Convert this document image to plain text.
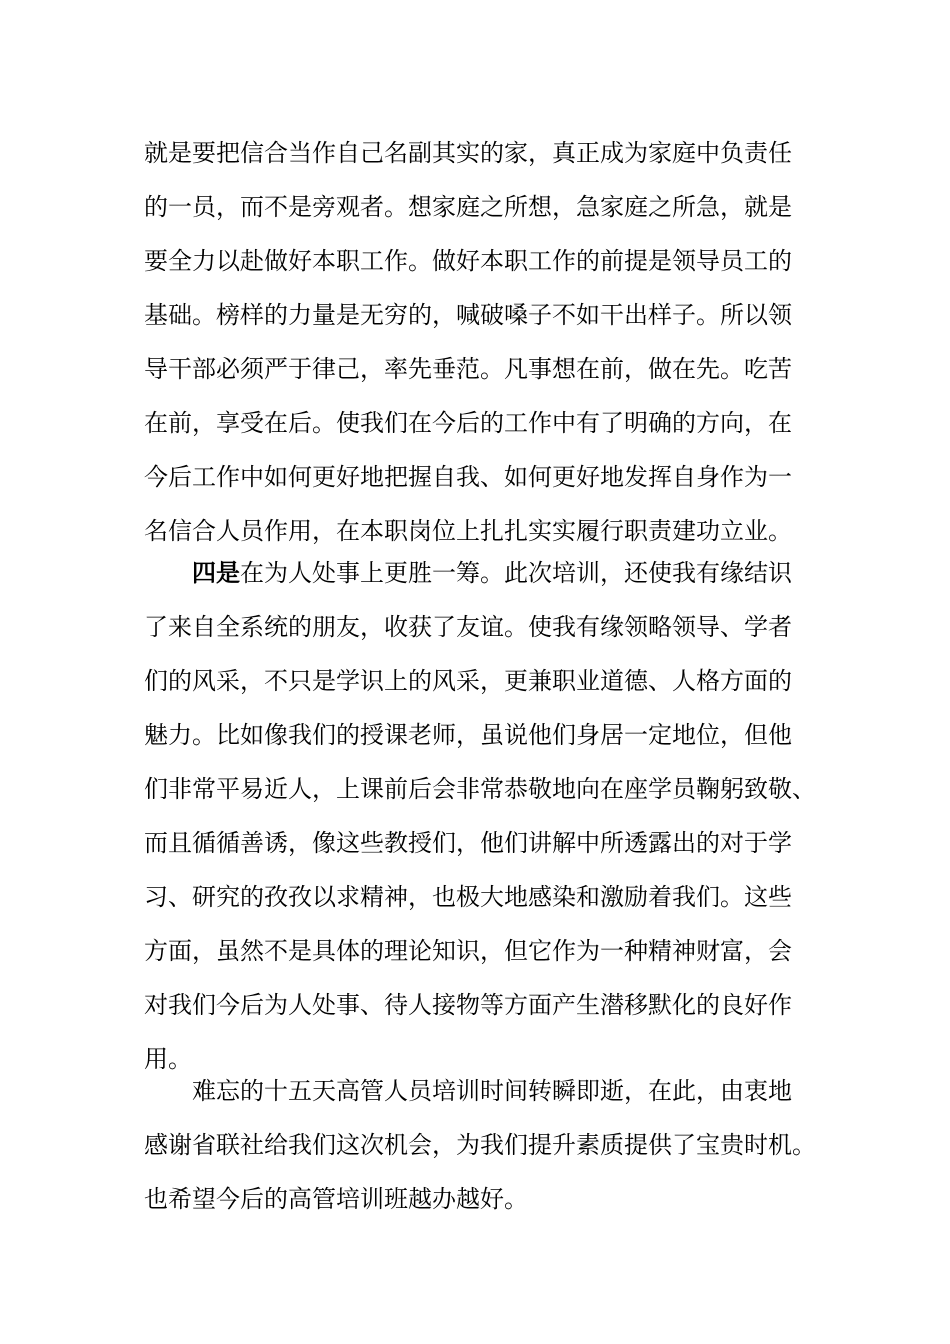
就是要把信合当作自己名副其实的家，真正成为家庭中负责任
的一员，而不是旁观者。想家庭之所想，急家庭之所急，就是
要全力以赴做好本职工作。做好本职工作的前提是领导员工的
基础。榜样的力量是无穷的，喊破嗓子不如干出样子。所以领
导干部必须严于律己，率先垂范。凡事想在前，做在先。吃苦
在前，享受在后。使我们在今后的工作中有了明确的方向，在
今后工作中如何更好地把握自我、如何更好地发挥自身作为一
名信合人员作用，在本职岗位上扎扎实实履行职责建功立业。
四是在为人处事上更胜一筹。此次培训，还使我有缘结识
了来自全系统的朋友，收获了友谊。使我有缘领略领导、学者
们的风采，不只是学识上的风采，更兼职业道德、人格方面的
魅力。比如像我们的授课老师，虽说他们身居一定地位，但他
们非常平易近人，上课前后会非常恭敬地向在座学员鞠躬致敬、
而且循循善诱，像这些教授们，他们讲解中所透露出的对于学
习、研究的孜孜以求精神，也极大地感染和激励着我们。这些
方面，虽然不是具体的理论知识，但它作为一种精神财富，会
对我们今后为人处事、待人接物等方面产生潜移默化的良好作
用。
难忘的十五天高管人员培训时间转瞬即逝，在此，由衷地
感谢省联社给我们这次机会，为我们提升素质提供了宝贵时机。
也希望今后的高管培训班越办越好。
